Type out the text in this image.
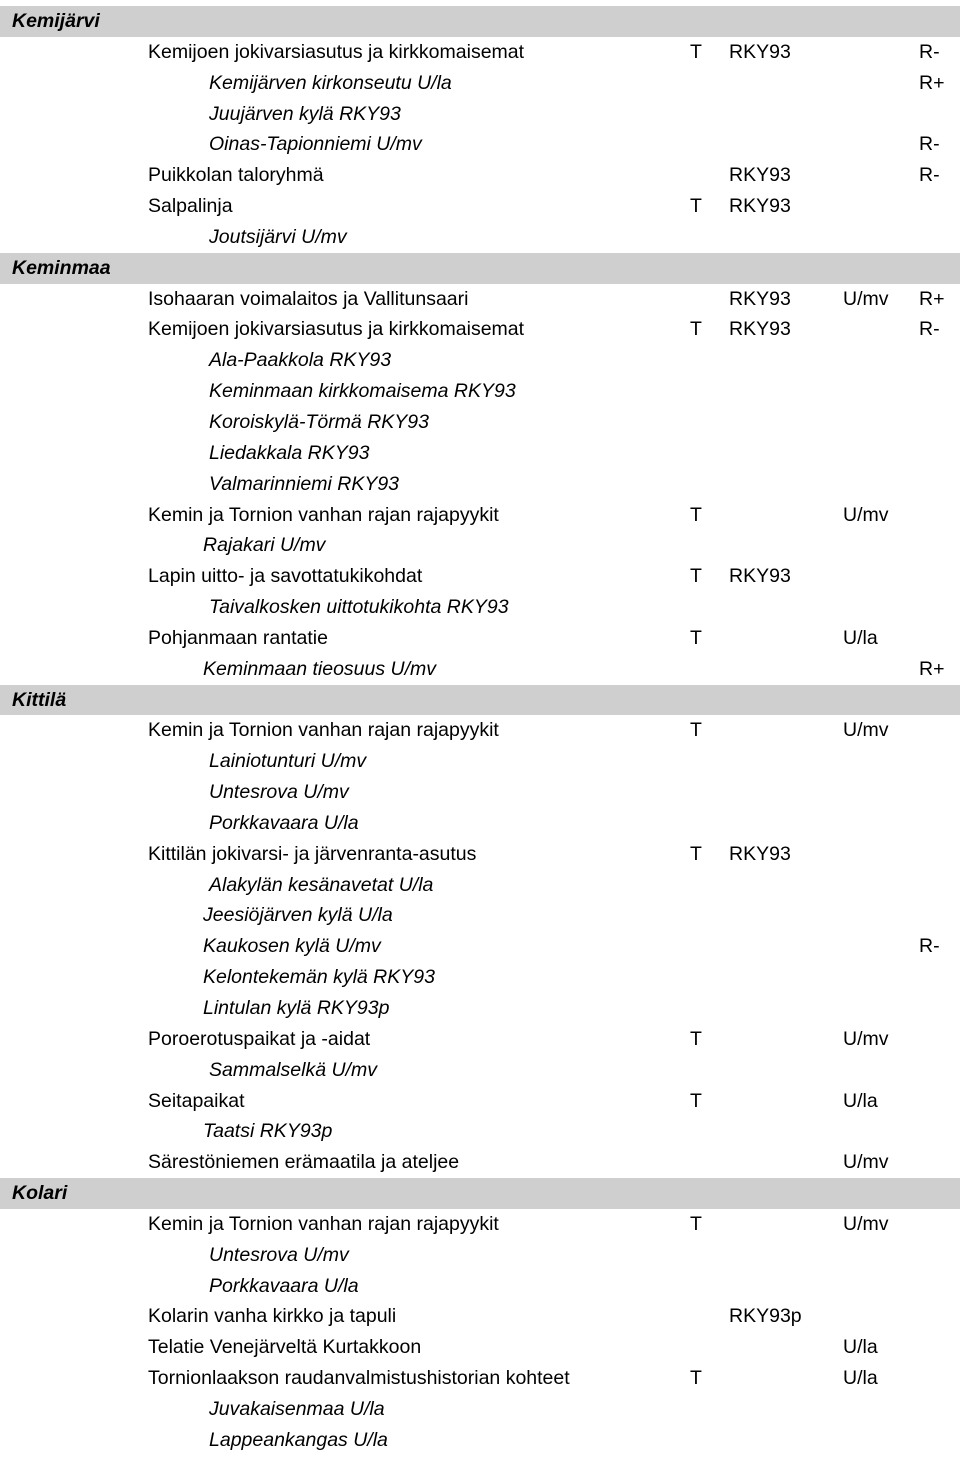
Kemijärvi
Kemijoen jokivarsiasutus ja kirkkomaisemat	T RKY93	R-
Kemijärven kirkonseutu U/la	R+
Juujärven kylä RKY93
Oinas-Tapionniemi U/mv	R-
Puikkolan taloryhmä	RKY93	R-
Salpalinja	T RKY93
Joutsijärvi U/mv
Keminmaa
Isohaaran voimalaitos ja Vallitunsaari	RKY93	U/mv R+
Kemijoen jokivarsiasutus ja kirkkomaisemat	T RKY93	R-
Ala-Paakkola RKY93
Keminmaan kirkkomaisema RKY93
Koroiskylä-Törmä RKY93
Liedakkala RKY93
Valmarinniemi RKY93
Kemin ja Tornion vanhan rajan rajapyykit	T	U/mv
Rajakari U/mv
Lapin uitto- ja savottatukikohdat	T RKY93
Taivalkosken uittotukikohta RKY93
Pohjanmaan rantatie	T	U/la
Keminmaan tieosuus U/mv	R+
Kittilä
Kemin ja Tornion vanhan rajan rajapyykit	T	U/mv
Lainiotunturi U/mv
Untesrova U/mv
Porkkavaara U/la
Kittilän jokivarsi- ja järvenranta-asutus	T RKY93
Alakylän kesänavetat U/la
Jeesiöjärven kylä U/la
Kaukosen kylä U/mv	R-
Kelontekemän kylä RKY93
Lintulan kylä RKY93p
Poroerotuspaikat ja -aidat	T	U/mv
Sammalselkä U/mv
Seitapaikat	T	U/la
Taatsi RKY93p
Särestöniemen erämaatila ja ateljee	U/mv
Kolari
Kemin ja Tornion vanhan rajan rajapyykit	T	U/mv
Untesrova U/mv
Porkkavaara U/la
Kolarin vanha kirkko ja tapuli	RKY93p
Telatie Venejärveltä Kurtakkoon	U/la
Tornionlaakson raudanvalmistushistorian kohteet	T	U/la
Juvakaisenmaa U/la
Lappeankangas U/la
